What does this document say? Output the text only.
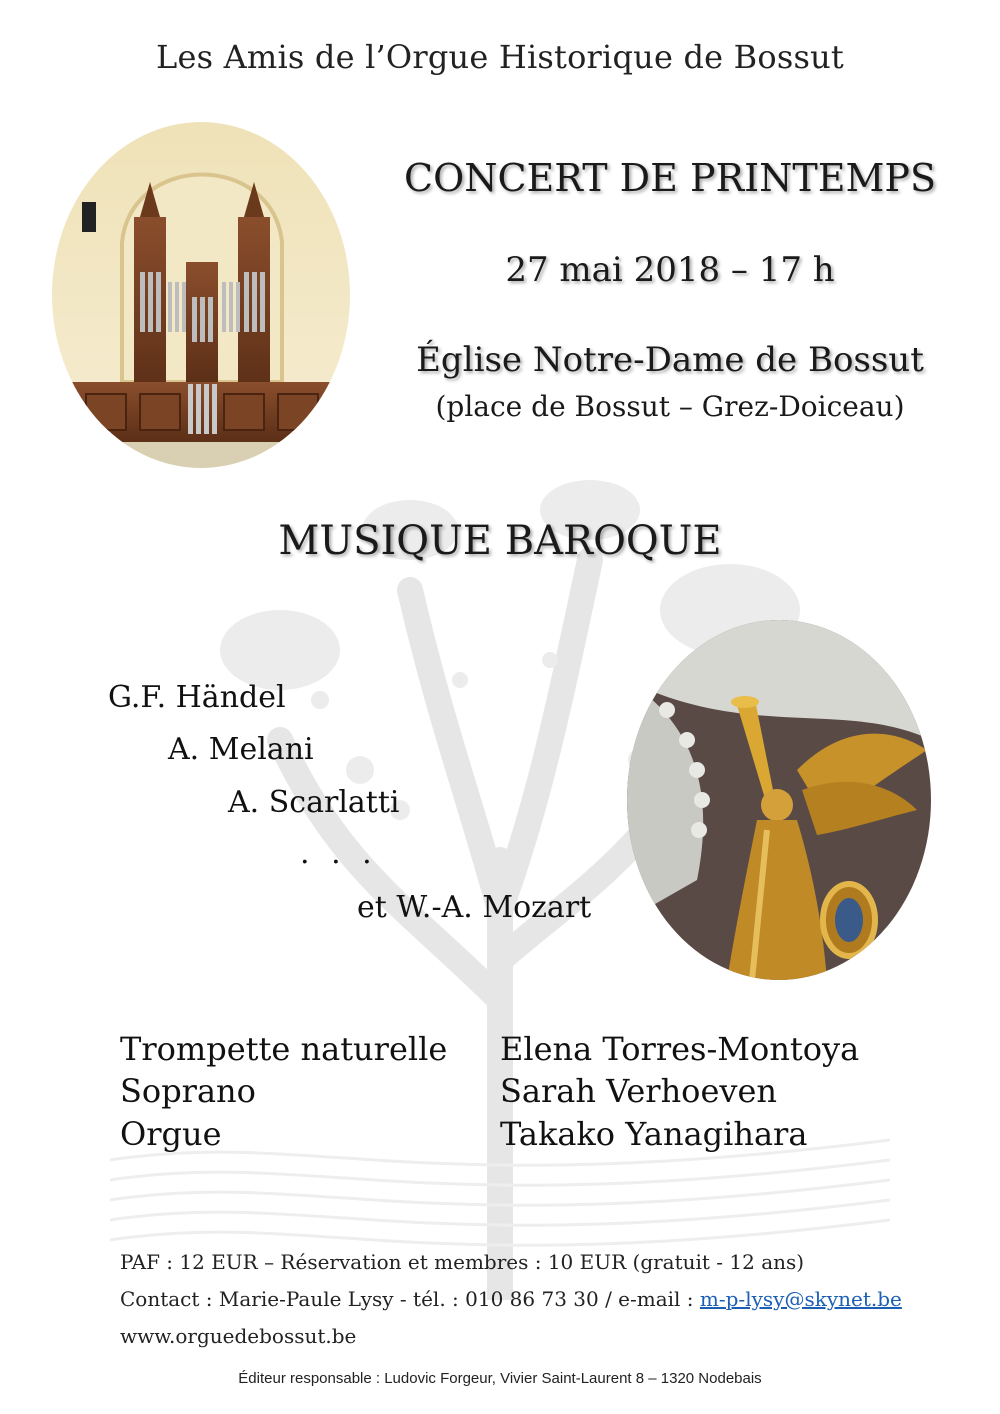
Les Amis de l’Orgue Historique de Bossut
CONCERT DE PRINTEMPS
27 mai 2018 – 17 h
Église Notre-Dame de Bossut
(place de Bossut – Grez-Doiceau)
MUSIQUE BAROQUE
G.F. Händel
A. Melani
A. Scarlatti
. . .
et W.-A. Mozart
Trompette naturelle Elena Torres-Montoya
Soprano	Sarah Verhoeven
Orgue	Takako Yanagihara
PAF : 12 EUR – Réservation et membres : 10 EUR (gratuit - 12 ans)
Contact : Marie-Paule Lysy - tél. : 010 86 73 30 / e-mail : m-p-lysy@skynet.be
www.orguedebossut.be
Éditeur responsable : Ludovic Forgeur, Vivier Saint-Laurent 8 – 1320 Nodebais
